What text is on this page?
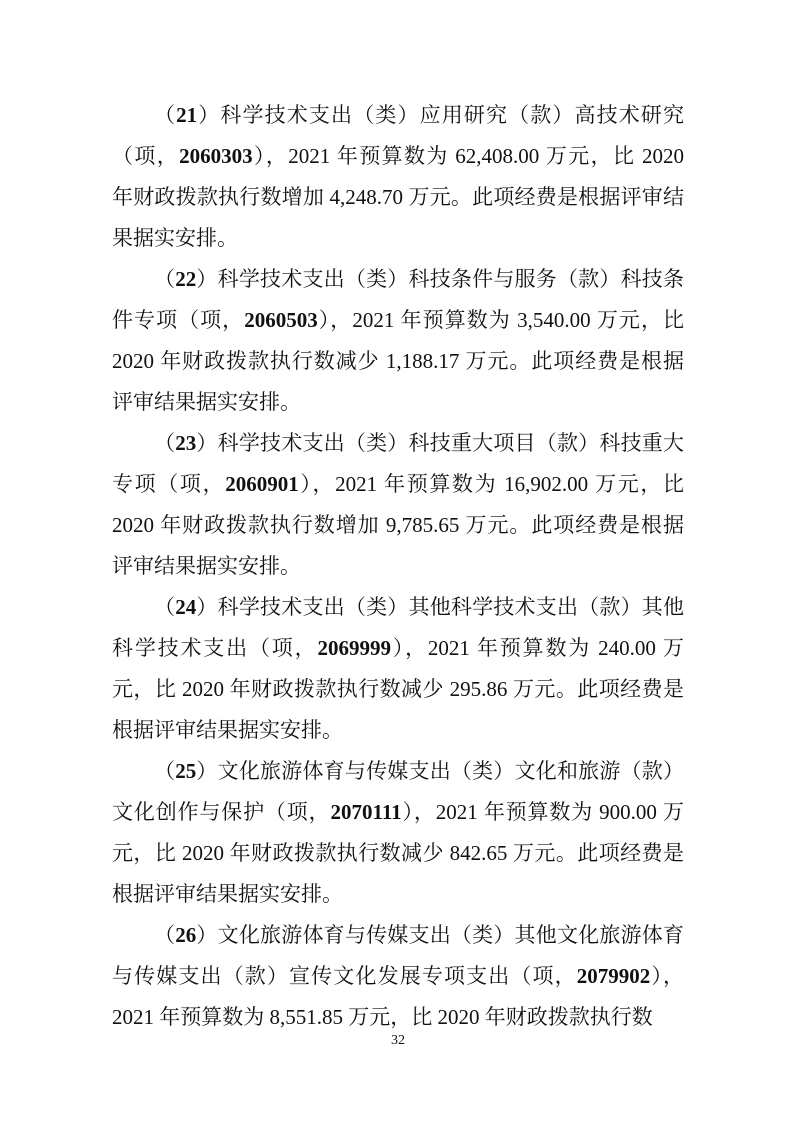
（21）科学技术支出（类）应用研究（款）高技术研究（项，2060303），2021 年预算数为 62,408.00 万元，比 2020 年财政拨款执行数增加 4,248.70 万元。此项经费是根据评审结果据实安排。

（22）科学技术支出（类）科技条件与服务（款）科技条件专项（项，2060503），2021 年预算数为 3,540.00 万元，比 2020 年财政拨款执行数减少 1,188.17 万元。此项经费是根据评审结果据实安排。

（23）科学技术支出（类）科技重大项目（款）科技重大专项（项，2060901），2021 年预算数为 16,902.00 万元，比 2020 年财政拨款执行数增加 9,785.65 万元。此项经费是根据评审结果据实安排。

（24）科学技术支出（类）其他科学技术支出（款）其他科学技术支出（项，2069999），2021 年预算数为 240.00 万元，比 2020 年财政拨款执行数减少 295.86 万元。此项经费是根据评审结果据实安排。

（25）文化旅游体育与传媒支出（类）文化和旅游（款）文化创作与保护（项，2070111），2021 年预算数为 900.00 万元，比 2020 年财政拨款执行数减少 842.65 万元。此项经费是根据评审结果据实安排。

（26）文化旅游体育与传媒支出（类）其他文化旅游体育与传媒支出（款）宣传文化发展专项支出（项，2079902），2021 年预算数为 8,551.85 万元，比 2020 年财政拨款执行数

32
